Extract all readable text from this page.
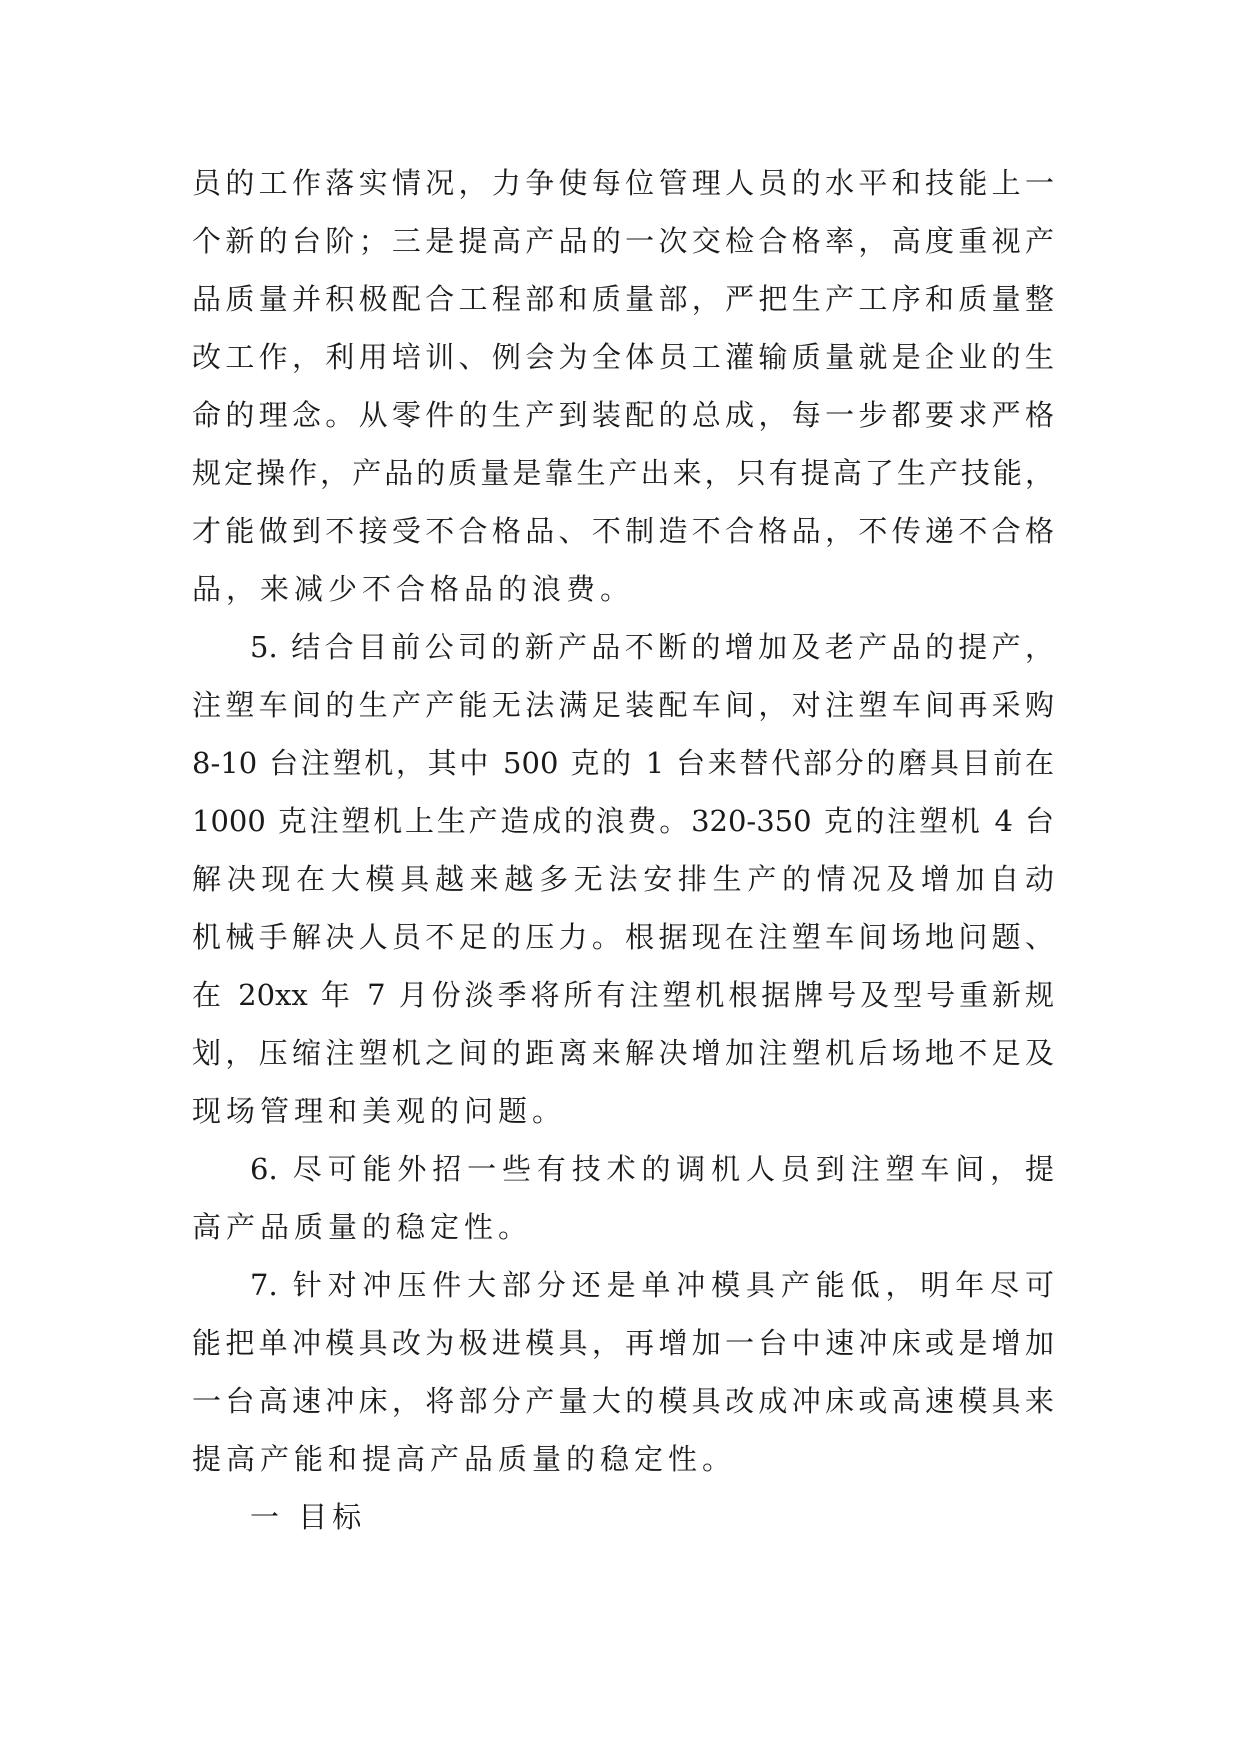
员的工作落实情况，力争使每位管理人员的水平和技能上一
个新的台阶；三是提高产品的一次交检合格率，高度重视产
品质量并积极配合工程部和质量部，严把生产工序和质量整
改工作，利用培训、例会为全体员工灌输质量就是企业的生
命的理念。从零件的生产到装配的总成，每一步都要求严格
规定操作，产品的质量是靠生产出来，只有提高了生产技能，
才能做到不接受不合格品、不制造不合格品，不传递不合格
品，来减少不合格品的浪费。
5. 结合目前公司的新产品不断的增加及老产品的提产，
注塑车间的生产产能无法满足装配车间，对注塑车间再采购
8-10 台注塑机，其中 500 克的 1 台来替代部分的磨具目前在
1000 克注塑机上生产造成的浪费。320-350 克的注塑机 4 台
解决现在大模具越来越多无法安排生产的情况及增加自动
机械手解决人员不足的压力。根据现在注塑车间场地问题、
在 20xx 年 7 月份淡季将所有注塑机根据牌号及型号重新规
划，压缩注塑机之间的距离来解决增加注塑机后场地不足及
现场管理和美观的问题。
6. 尽可能外招一些有技术的调机人员到注塑车间，提
高产品质量的稳定性。
7. 针对冲压件大部分还是单冲模具产能低，明年尽可
能把单冲模具改为极进模具，再增加一台中速冲床或是增加
一台高速冲床，将部分产量大的模具改成冲床或高速模具来
提高产能和提高产品质量的稳定性。
一 目标
